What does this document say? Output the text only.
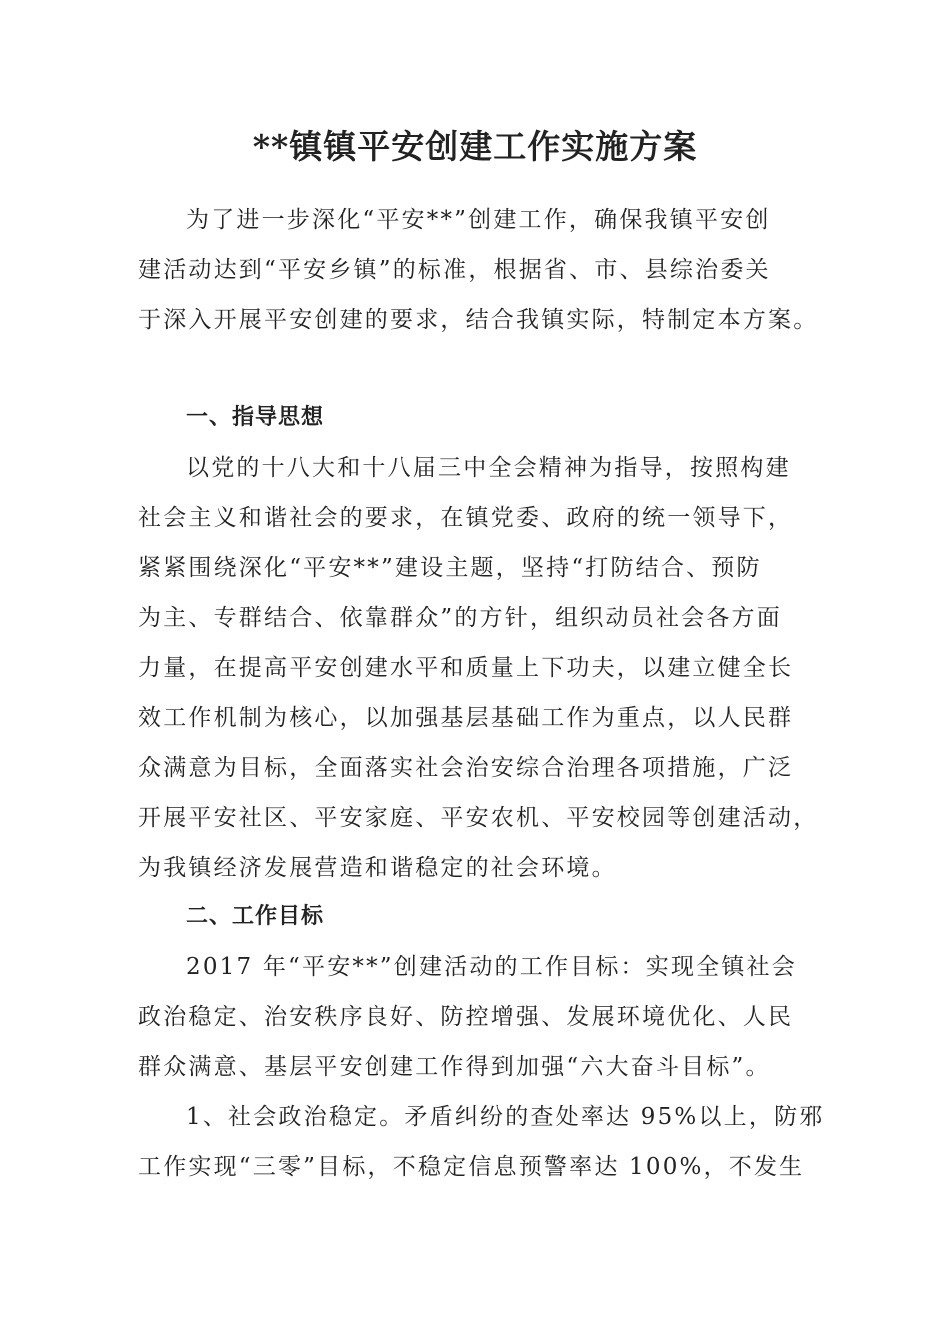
**镇镇平安创建工作实施方案
为了进一步深化“平安**”创建工作，确保我镇平安创
建活动达到“平安乡镇”的标准，根据省、市、县综治委关
于深入开展平安创建的要求，结合我镇实际，特制定本方案。
一、指导思想
以党的十八大和十八届三中全会精神为指导，按照构建
社会主义和谐社会的要求，在镇党委、政府的统一领导下，
紧紧围绕深化“平安**”建设主题，坚持“打防结合、预防
为主、专群结合、依靠群众”的方针，组织动员社会各方面
力量，在提高平安创建水平和质量上下功夫，以建立健全长
效工作机制为核心，以加强基层基础工作为重点，以人民群
众满意为目标，全面落实社会治安综合治理各项措施，广泛
开展平安社区、平安家庭、平安农机、平安校园等创建活动，
为我镇经济发展营造和谐稳定的社会环境。
二、工作目标
2017 年“平安**”创建活动的工作目标：实现全镇社会
政治稳定、治安秩序良好、防控增强、发展环境优化、人民
群众满意、基层平安创建工作得到加强“六大奋斗目标”。
1、社会政治稳定。矛盾纠纷的查处率达 95%以上，防邪
工作实现“三零”目标，不稳定信息预警率达 100%，不发生
